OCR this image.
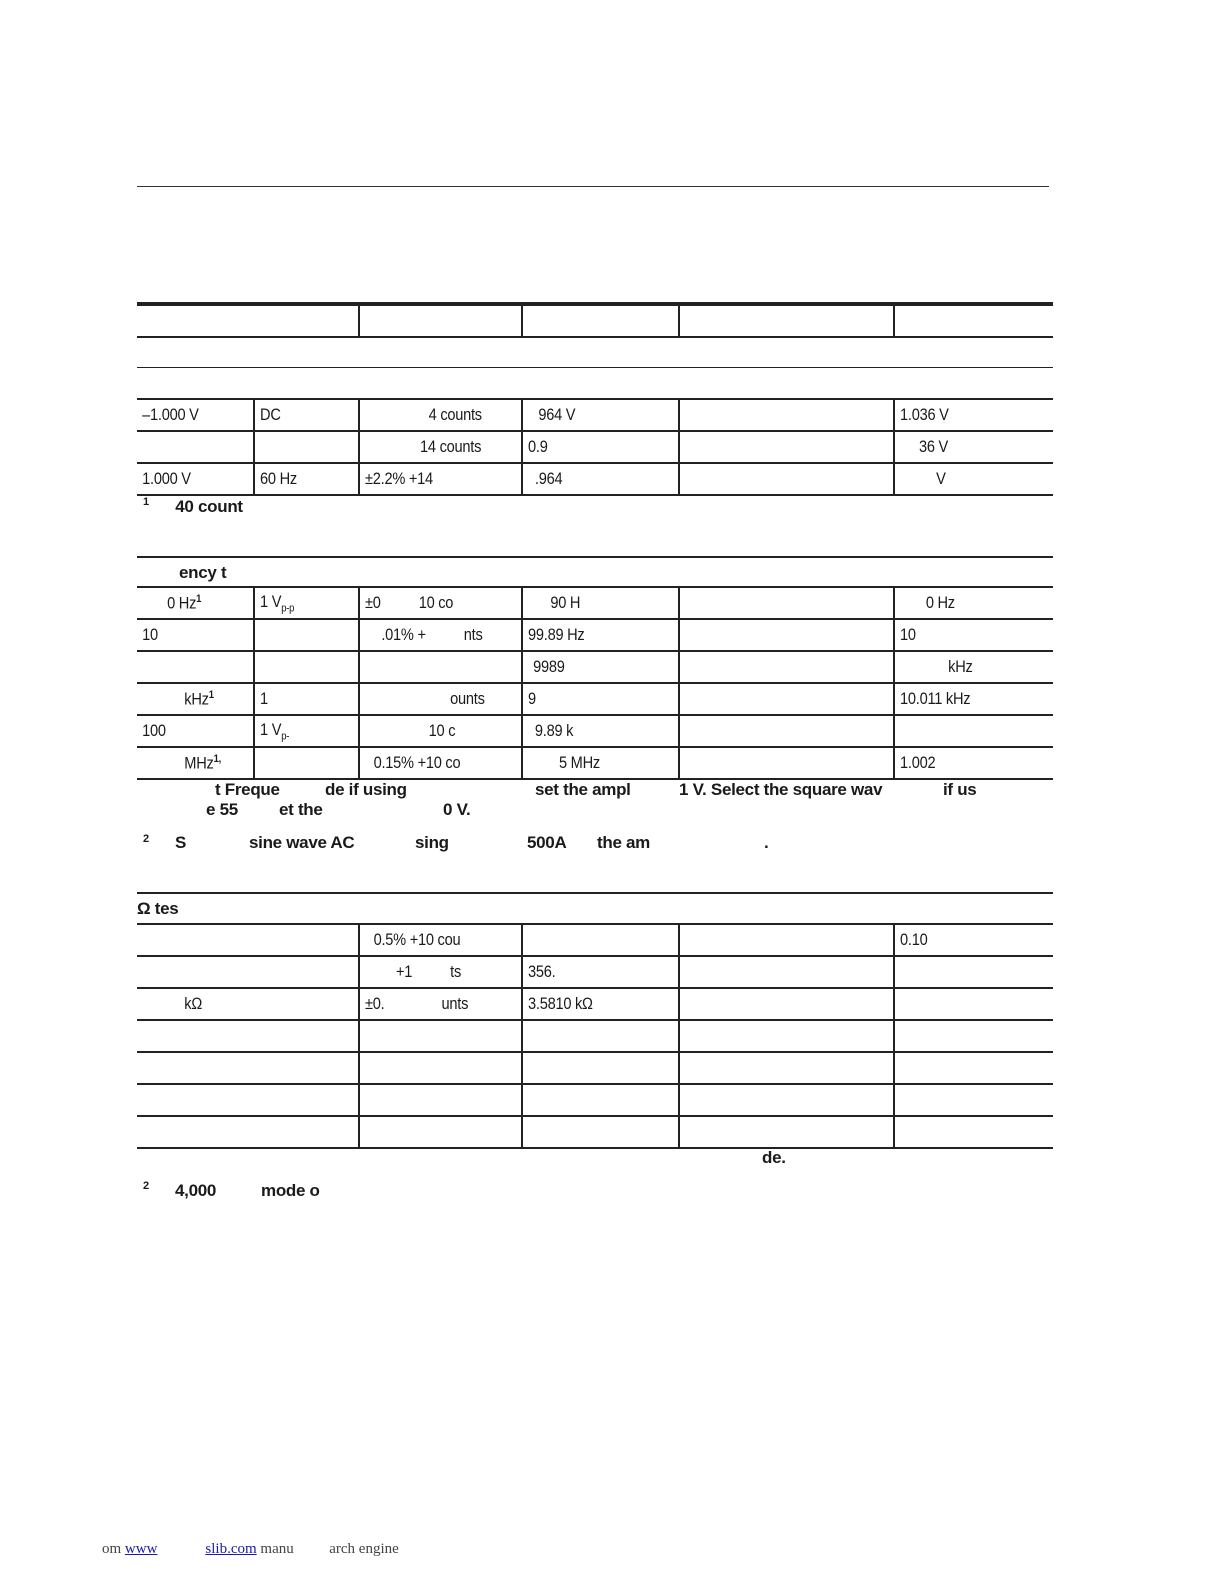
–1.000 V	DC	4 counts	964 V		1.036 V
		14 counts	0.9		36 V
1.000 V	60 Hz	±2.2% +14	.964		V
$^1$ 40 count
ency t
0 Hz$^1$	1 $V_{p-p}$	±0          10 co	90 H		0 Hz
10		.01% +          nts	99.89 Hz		10
			9989		kHz
kHz$^1$	1	ounts	9		10.011 kHz
100	1 $V_{p-}$	10 c	9.89 k		
MHz$^{1,}$		0.15% +10 co	5 MHz		1.002
t Freque	de if using	set the ampl	1 V. Select the square wav	if us
e 55 et the	0 V.
$^2$ S	sine wave AC	sing	500A the am	.
Ω tes
	0.5% +10 cou			0.10
	+1          ts	356.		
kΩ	±0.               unts	3.5810 kΩ		

de.
$^2$ 4,000	mode o
om www	slib.com manu arch engine
